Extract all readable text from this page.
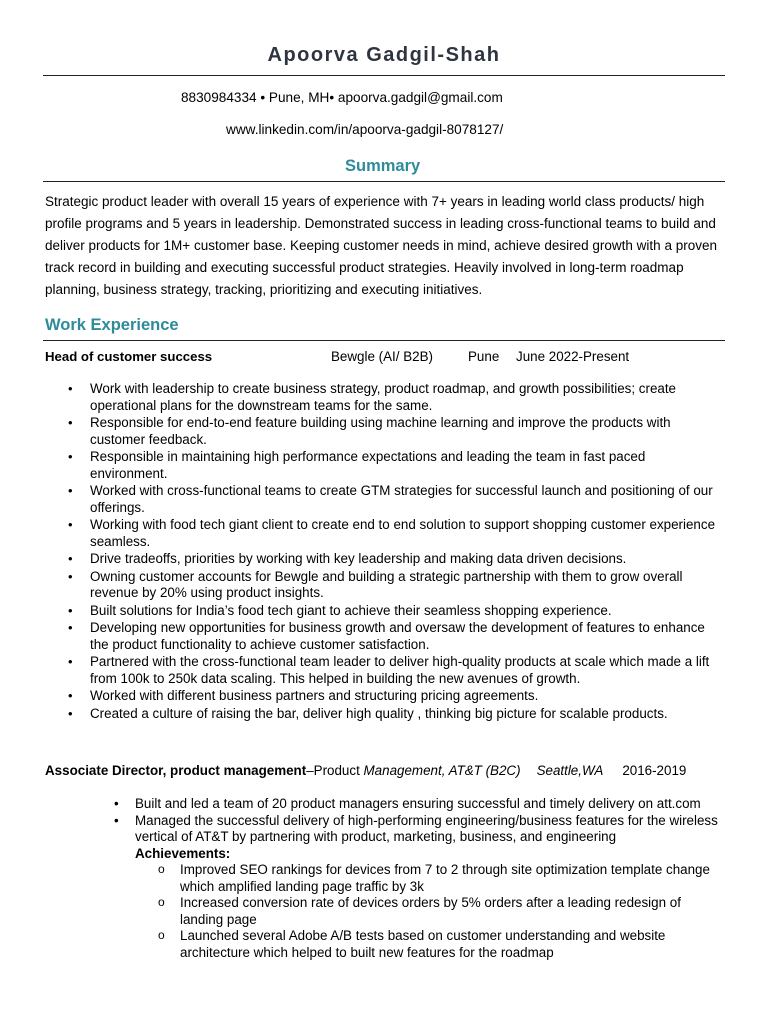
Apoorva Gadgil-Shah
8830984334 • Pune, MH• apoorva.gadgil@gmail.com
www.linkedin.com/in/apoorva-gadgil-8078127/
Summary

Strategic product leader with overall 15 years of experience with 7+ years in leading world class products/ high profile programs and 5 years in leadership. Demonstrated success in leading cross-functional teams to build and deliver products for 1M+ customer base. Keeping customer needs in mind, achieve desired growth with a proven track record in building and executing successful product strategies. Heavily involved in long-term roadmap planning, business strategy, tracking, prioritizing and executing initiatives.

Work Experience
Head of customer success	Bewgle (AI/ B2B)	Pune June 2022-Present
• Work with leadership to create business strategy, product roadmap, and growth possibilities; create operational plans for the downstream teams for the same.
• Responsible for end-to-end feature building using machine learning and improve the products with customer feedback.
• Responsible in maintaining high performance expectations and leading the team in fast paced environment.
• Worked with cross-functional teams to create GTM strategies for successful launch and positioning of our offerings.
• Working with food tech giant client to create end to end solution to support shopping customer experience seamless.
• Drive tradeoffs, priorities by working with key leadership and making data driven decisions.
• Owning customer accounts for Bewgle and building a strategic partnership with them to grow overall revenue by 20% using product insights.
• Built solutions for India’s food tech giant to achieve their seamless shopping experience.
• Developing new opportunities for business growth and oversaw the development of features to enhance the product functionality to achieve customer satisfaction.
• Partnered with the cross-functional team leader to deliver high-quality products at scale which made a lift from 100k to 250k data scaling. This helped in building the new avenues of growth.
• Worked with different business partners and structuring pricing agreements.
• Created a culture of raising the bar, deliver high quality , thinking big picture for scalable products.
Associate Director, product management–Product Management, AT&T (B2C) Seattle,WA 2016-2019
• Built and led a team of 20 product managers ensuring successful and timely delivery on att.com
• Managed the successful delivery of high-performing engineering/business features for the wireless vertical of AT&T by partnering with product, marketing, business, and engineering
Achievements:
o Improved SEO rankings for devices from 7 to 2 through site optimization template change which amplified landing page traffic by 3k
o Increased conversion rate of devices orders by 5% orders after a leading redesign of landing page
o Launched several Adobe A/B tests based on customer understanding and website architecture which helped to built new features for the roadmap
